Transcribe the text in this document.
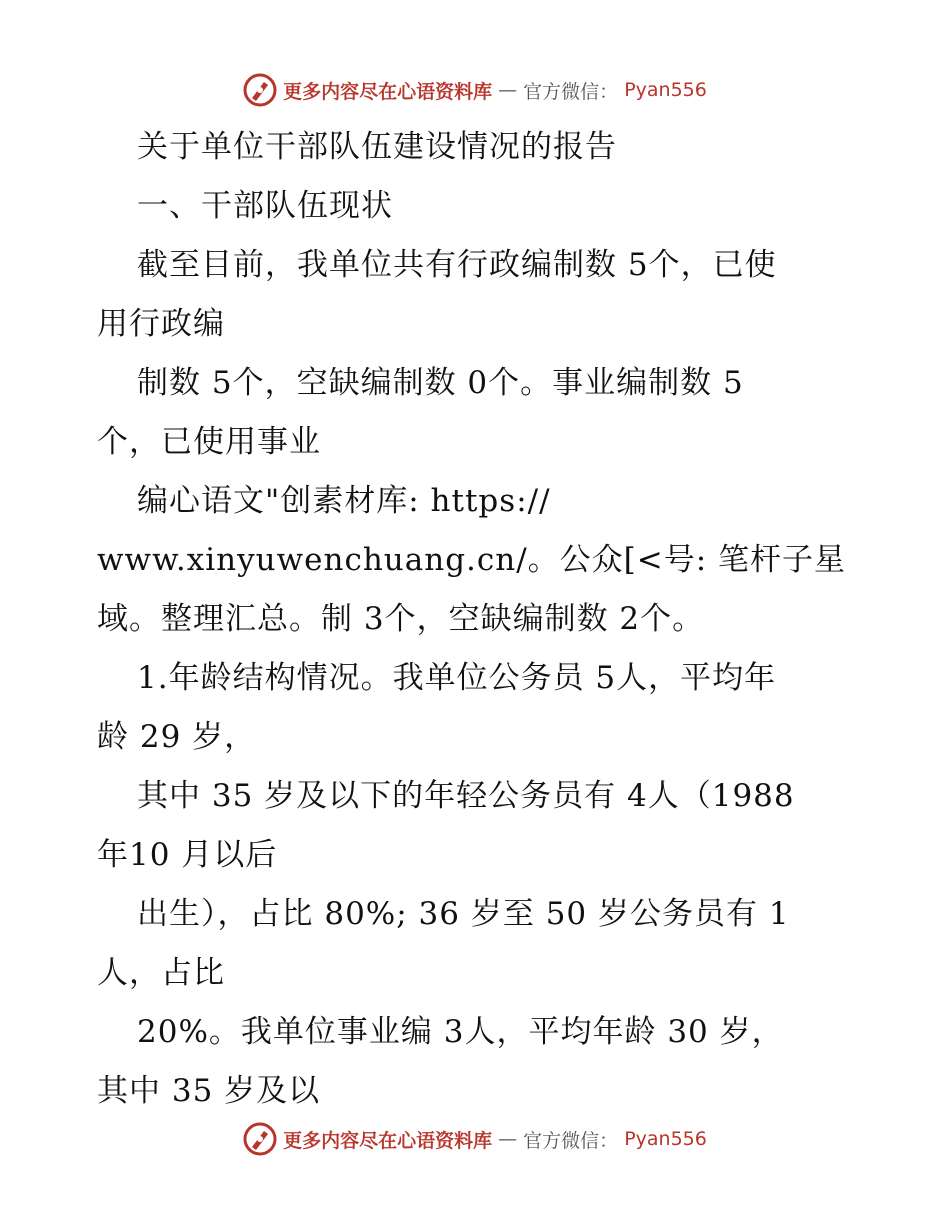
更多内容尽在心语资料库 — 官方微信： Pyan556
关于单位干部队伍建设情况的报告
一、干部队伍现状
截至目前，我单位共有行政编制数 5个，已使
用行政编
制数 5个，空缺编制数 0个。事业编制数 5
个，已使用事业
编心语文"创素材库: https://
www.xinyuwenchuang.cn/。公众[<号: 笔杆子星
域。整理汇总。制 3个，空缺编制数 2个。
1.年龄结构情况。我单位公务员 5人，平均年
龄 29 岁，
其中 35 岁及以下的年轻公务员有 4人（1988
年10 月以后
出生），占比 80%; 36 岁至 50 岁公务员有 1
人，占比
20%。我单位事业编 3人，平均年龄 30 岁，
其中 35 岁及以
更多内容尽在心语资料库 — 官方微信： Pyan556
